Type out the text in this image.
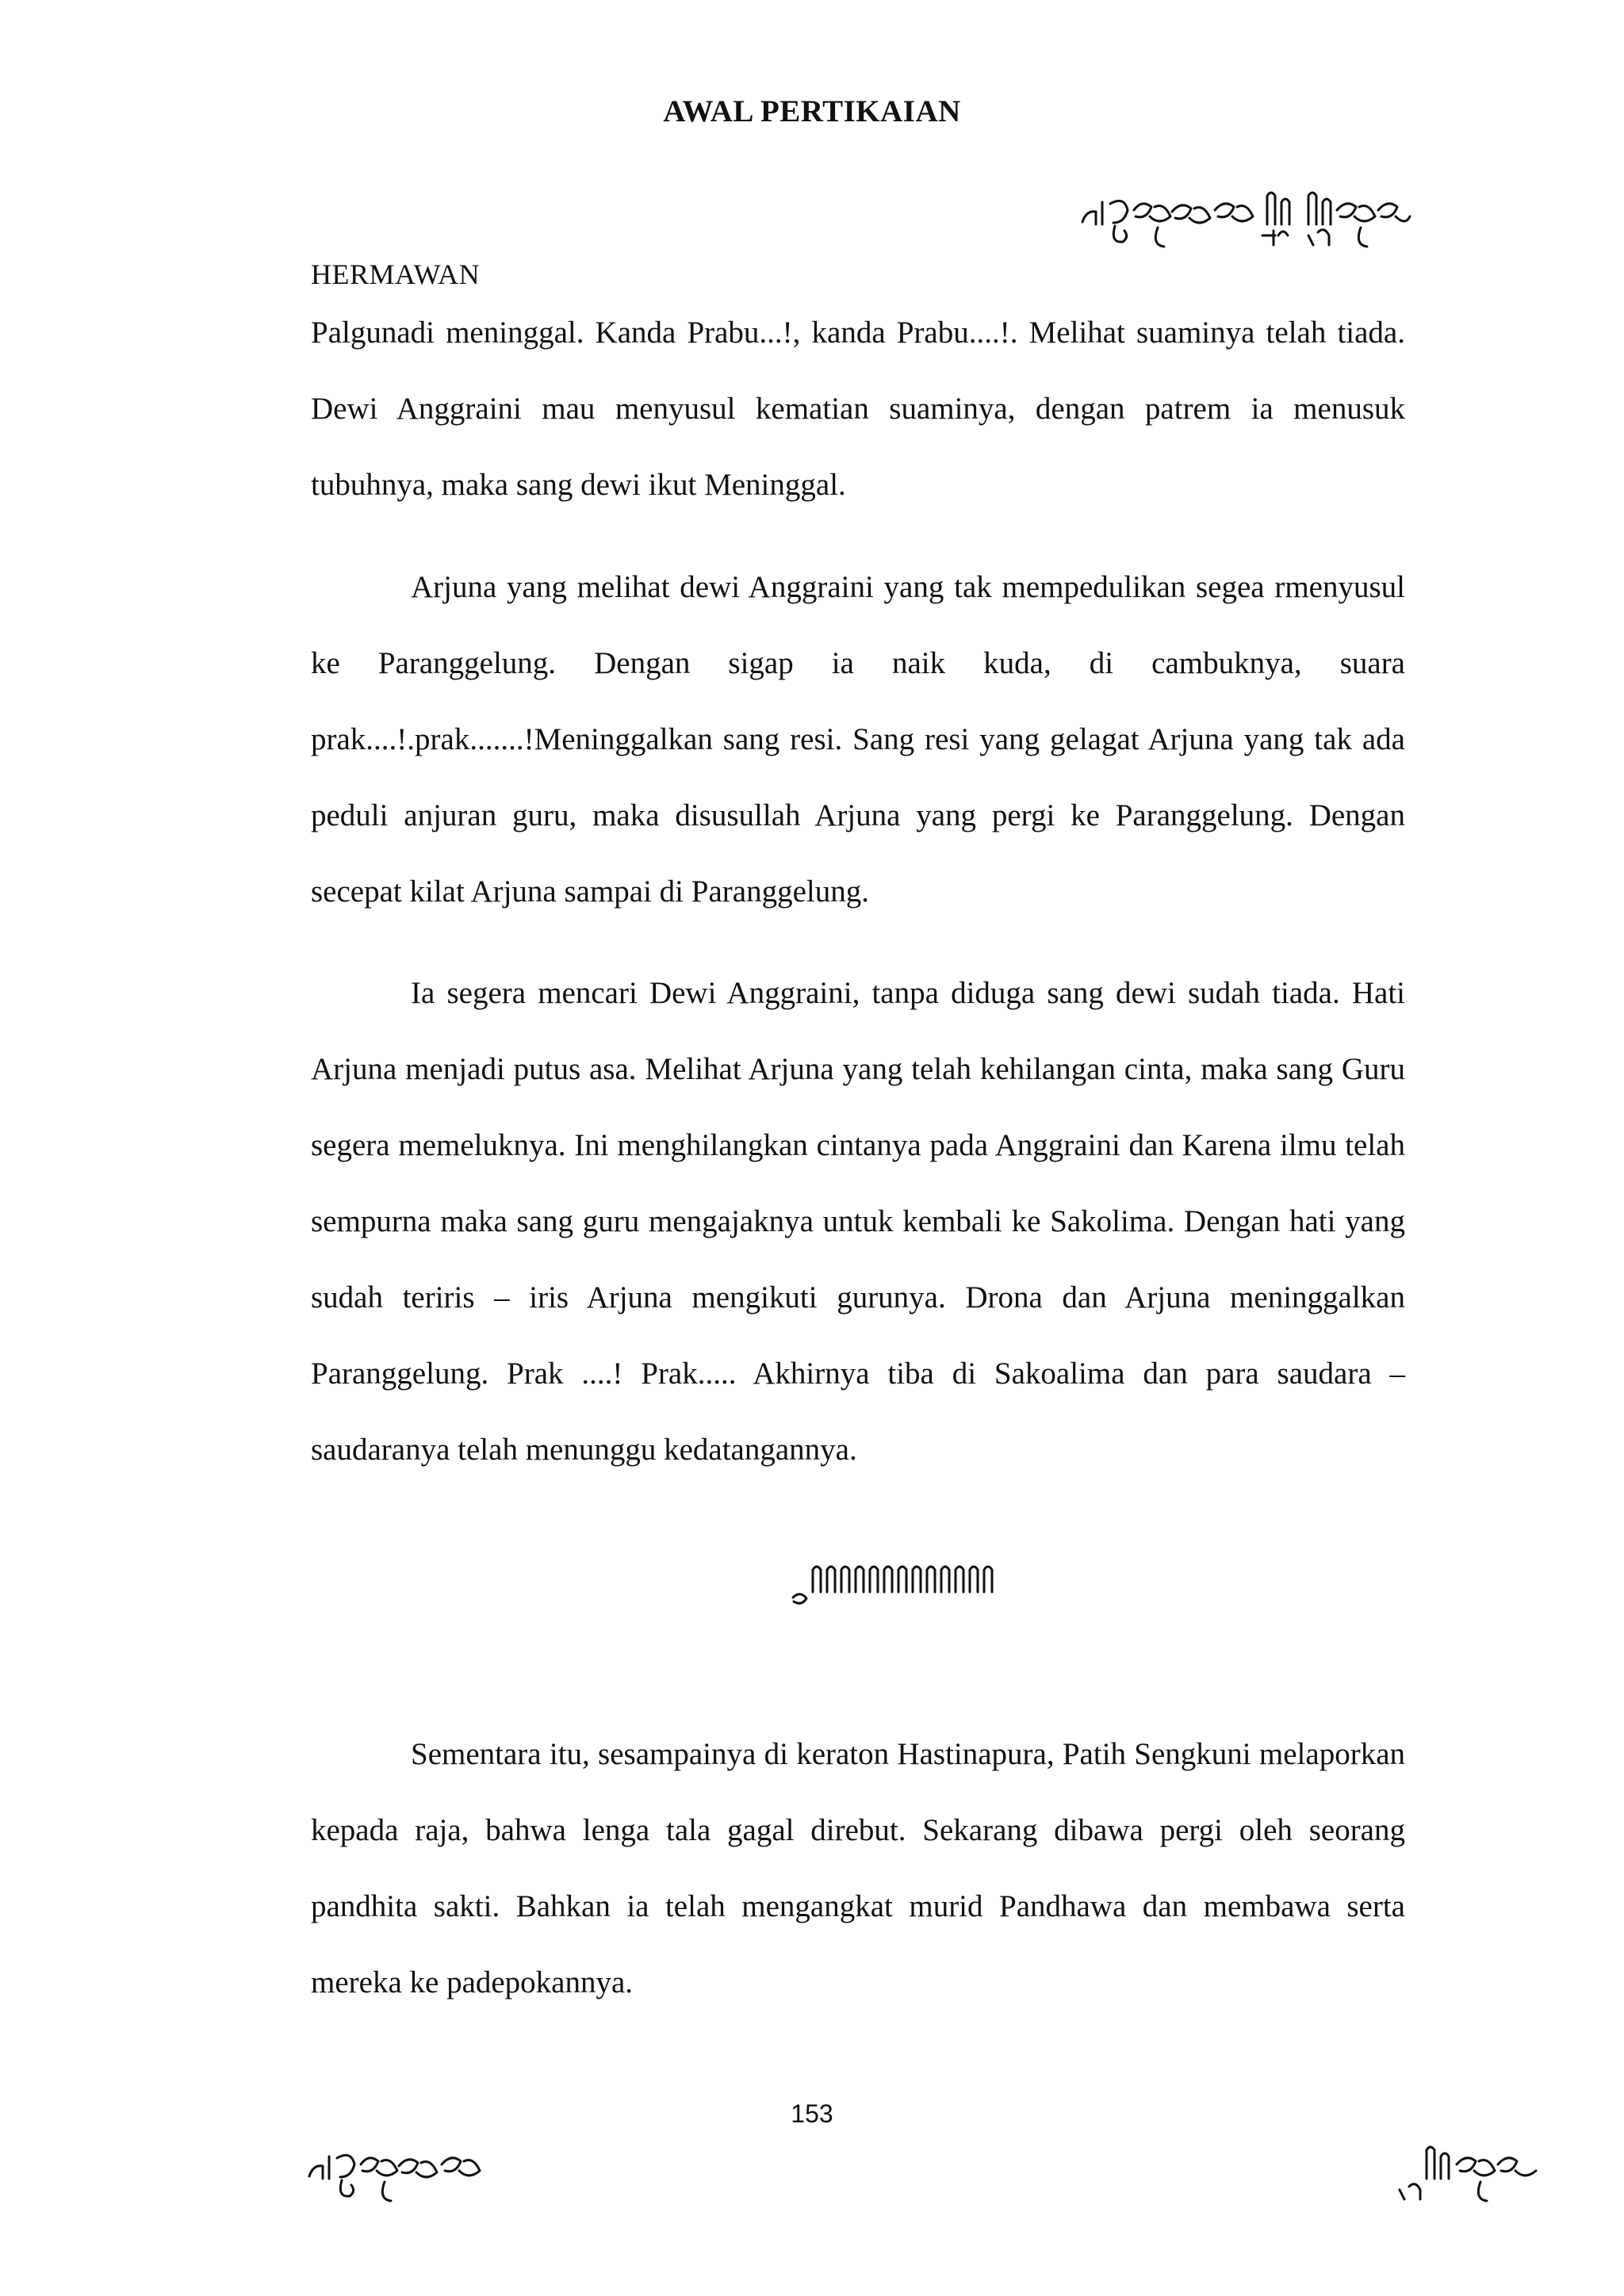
AWAL PERTIKAIAN
HERMAWAN

Palgunadi meninggal. Kanda Prabu...!, kanda Prabu....!. Melihat suaminya telah tiada. Dewi Anggraini mau menyusul kematian suaminya, dengan patrem ia menusuk tubuhnya, maka sang dewi ikut Meninggal.

Arjuna yang melihat dewi Anggraini yang tak mempedulikan segea rmenyusul ke Paranggelung. Dengan sigap ia naik kuda, di cambuknya, suara prak....!.prak.......!Meninggalkan sang resi. Sang resi yang gelagat Arjuna yang tak ada peduli anjuran guru, maka disusullah Arjuna yang pergi ke Paranggelung. Dengan secepat kilat Arjuna sampai di Paranggelung.

Ia segera mencari Dewi Anggraini, tanpa diduga sang dewi sudah tiada. Hati Arjuna menjadi putus asa. Melihat Arjuna yang telah kehilangan cinta, maka sang Guru segera memeluknya. Ini menghilangkan cintanya pada Anggraini dan Karena ilmu telah sempurna maka sang guru mengajaknya untuk kembali ke Sakolima. Dengan hati yang sudah teriris – iris Arjuna mengikuti gurunya. Drona dan Arjuna meninggalkan Paranggelung. Prak ....! Prak..... Akhirnya tiba di Sakoalima dan para saudara – saudaranya telah menunggu kedatangannya.

Sementara itu, sesampainya di keraton Hastinapura, Patih Sengkuni melaporkan kepada raja, bahwa lenga tala gagal direbut. Sekarang dibawa pergi oleh seorang pandhita sakti. Bahkan ia telah mengangkat murid Pandhawa dan membawa serta mereka ke padepokannya.

153
